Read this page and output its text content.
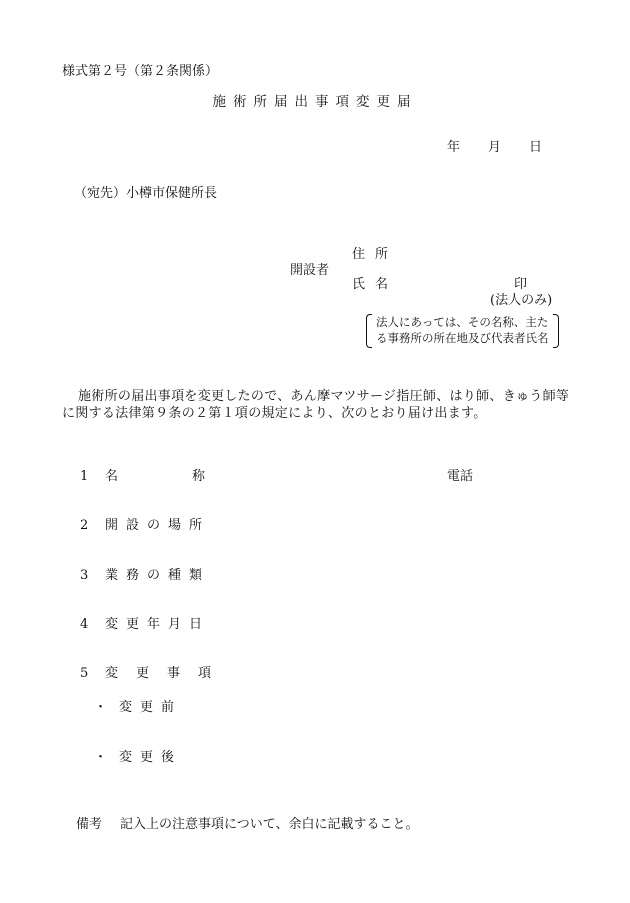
様式第２号（第２条関係）
施術所届出事項変更届
年 月 日
（宛先）小樽市保健所長
開設者
住所
氏名	印
(法人のみ)
法人にあっては、その名称、主た
る事務所の所在地及び代表者氏名
施術所の届出事項を変更したので、あん摩マツサージ指圧師、はり師、きゅう師等に関する法律第９条の２第１項の規定により、次のとおり届け出ます。
1 名	称	電話
2 開設の場所
3 業務の種類
4 変更年月日
5 変更事項
・ 変更前
・ 変更後
備考 記入上の注意事項について、余白に記載すること。
